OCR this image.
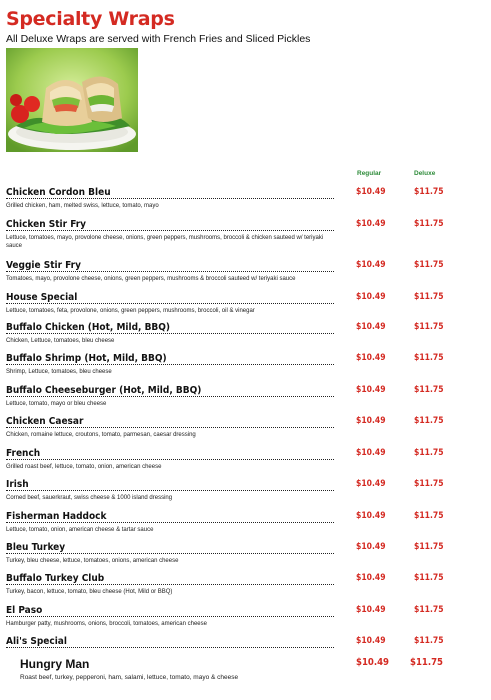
Specialty Wraps
All Deluxe Wraps are served with French Fries and Sliced Pickles
Regular	Deluxe
Chicken Cordon Bleu	$10.49	$11.75
Grilled chicken, ham, melted swiss, lettuce, tomato, mayo
Chicken Stir Fry	$10.49	$11.75
Lettuce, tomatoes, mayo, provolone cheese, onions, green peppers, mushrooms, broccoli & chicken sauteed w/ teriyaki sauce
Veggie Stir Fry	$10.49	$11.75
Tomatoes, mayo, provolone cheese, onions, green peppers, mushrooms & broccoli sauteed w/ teriyaki sauce
House Special	$10.49	$11.75
Lettuce, tomatoes, feta, provolone, onions, green peppers, mushrooms, broccoli, oil & vinegar
Buffalo Chicken (Hot, Mild, BBQ)	$10.49	$11.75
Chicken, Lettuce, tomatoes, bleu cheese
Buffalo Shrimp (Hot, Mild, BBQ)	$10.49	$11.75
Shrimp, Lettuce, tomatoes, bleu cheese
Buffalo Cheeseburger (Hot, Mild, BBQ)	$10.49	$11.75
Lettuce, tomato, mayo or bleu cheese
Chicken Caesar	$10.49	$11.75
Chicken, romaine lettuce, croutons, tomato, parmesan, caesar dressing
French	$10.49	$11.75
Grilled roast beef, lettuce, tomato, onion, american cheese
Irish	$10.49	$11.75
Corned beef, sauerkraut, swiss cheese & 1000 island dressing
Fisherman Haddock	$10.49	$11.75
Lettuce, tomato, onion, american cheese & tartar sauce
Bleu Turkey	$10.49	$11.75
Turkey, bleu cheese, lettuce, tomatoes, onions, american cheese
Buffalo Turkey Club	$10.49	$11.75
Turkey, bacon, lettuce, tomato, bleu cheese (Hot, Mild or BBQ)
El Paso	$10.49	$11.75
Hamburger patty, mushrooms, onions, broccoli, tomatoes, american cheese
Ali's Special	$10.49	$11.75
Hungry Man	$10.49 $11.75
Roast beef, turkey, pepperoni, ham, salami, lettuce, tomato, mayo & cheese
